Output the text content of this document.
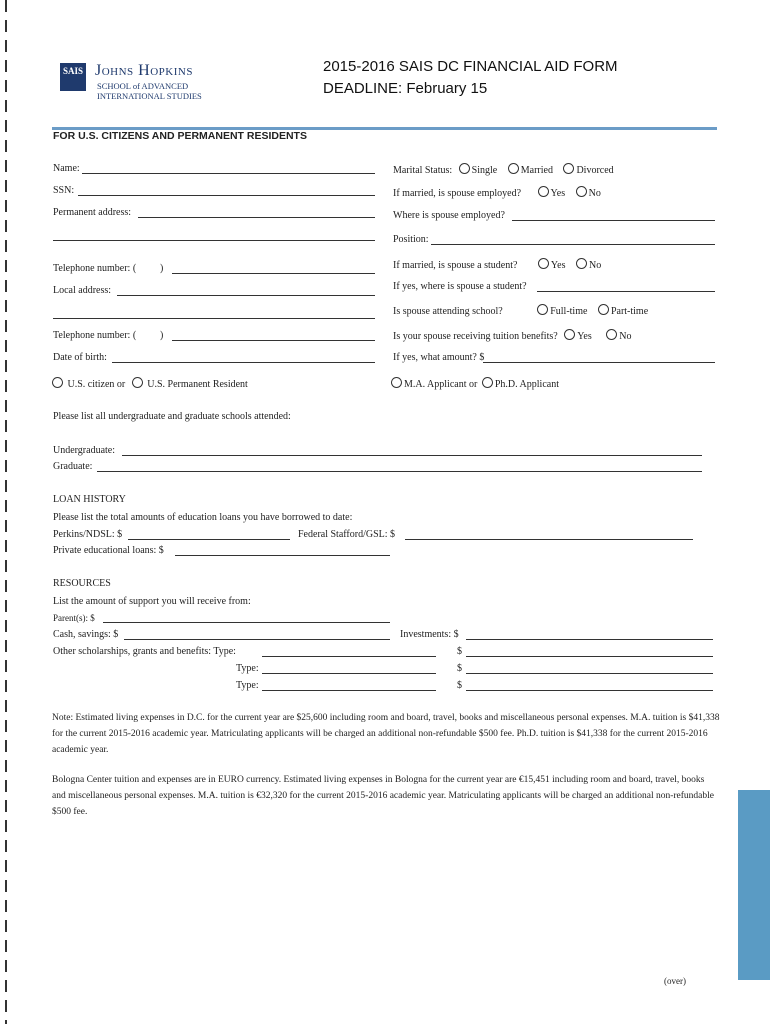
SAIS Johns Hopkins
SCHOOL of ADVANCED
INTERNATIONAL STUDIES
2015-2016 SAIS DC FINANCIAL AID FORM
DEADLINE: February 15
FOR U.S. CITIZENS AND PERMANENT RESIDENTS
Name:
SSN:
Permanent address:
Telephone number: ( )
Local address:
Telephone number: ( )
Date of birth:
U.S. citizen or U.S. Permanent Resident
Marital Status: Single Married Divorced
If married, is spouse employed?	Yes No
Where is spouse employed?
Position:
If married, is spouse a student?	Yes No
If yes, where is spouse a student?
Is spouse attending school?	Full-time Part-time
Is your spouse receiving tuition benefits? Yes	No
If yes, what amount? $
M.A. Applicant or Ph.D. Applicant
Please list all undergraduate and graduate schools attended:
Undergraduate:
Graduate:
LOAN HISTORY
Please list the total amounts of education loans you have borrowed to date:
Perkins/NDSL: $	Federal Stafford/GSL: $
Private educational loans: $
RESOURCES
List the amount of support you will receive from:
Parent(s): $
Cash, savings: $	Investments: $
Other scholarships, grants and benefits: Type:	$
Type:	$
Type:	$
Note: Estimated living expenses in D.C. for the current year are $25,600 including room and board, travel, books and miscellaneous personal expenses. M.A. tuition is $41,338 for the current 2015-2016 academic year. Matriculating applicants will be charged an additional non-refundable $500 fee. Ph.D. tuition is $41,338 for the current 2015-2016 academic year.
Bologna Center tuition and expenses are in EURO currency. Estimated living expenses in Bologna for the current year are €15,451 including room and board, travel, books and miscellaneous personal expenses. M.A. tuition is €32,320 for the current 2015-2016 academic year. Matriculating applicants will be charged an additional non-refundable $500 fee.
(over)
